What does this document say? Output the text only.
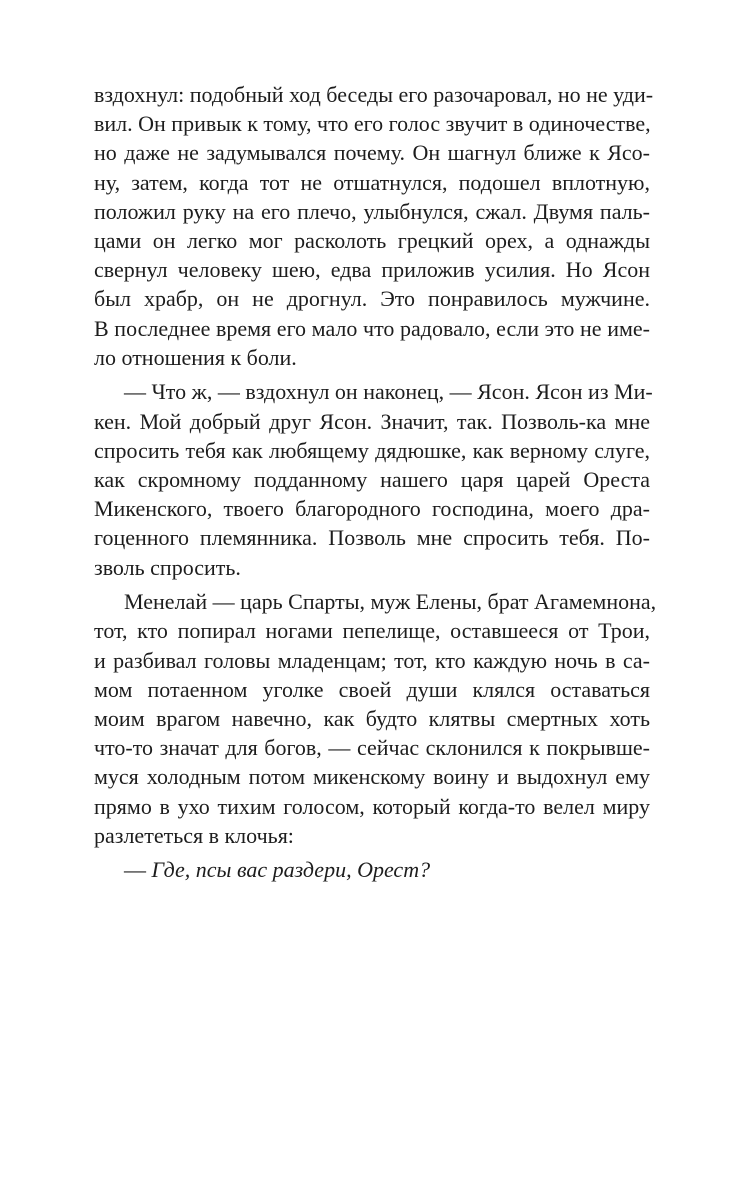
вздохнул: подобный ход беседы его разочаровал, но не уди-
вил. Он привык к тому, что его голос звучит в одиночестве,
но даже не задумывался почему. Он шагнул ближе к Ясо-
ну, затем, когда тот не отшатнулся, подошел вплотную,
положил руку на его плечо, улыбнулся, сжал. Двумя паль-
цами он легко мог расколоть грецкий орех, а однажды
свернул человеку шею, едва приложив усилия. Но Ясон
был храбр, он не дрогнул. Это понравилось мужчине.
В последнее время его мало что радовало, если это не име-
ло отношения к боли.
— Что ж, — вздохнул он наконец, — Ясон. Ясон из Ми-
кен. Мой добрый друг Ясон. Значит, так. Позволь-ка мне
спросить тебя как любящему дядюшке, как верному слуге,
как скромному подданному нашего царя царей Ореста
Микенского, твоего благородного господина, моего дра-
гоценного племянника. Позволь мне спросить тебя. По-
зволь спросить.
Менелай — царь Спарты, муж Елены, брат Агамемнона,
тот, кто попирал ногами пепелище, оставшееся от Трои,
и разбивал головы младенцам; тот, кто каждую ночь в са-
мом потаенном уголке своей души клялся оставаться
моим врагом навечно, как будто клятвы смертных хоть
что-то значат для богов, — сейчас склонился к покрывше-
муся холодным потом микенскому воину и выдохнул ему
прямо в ухо тихим голосом, который когда-то велел миру
разлететься в клочья:
— Где, псы вас раздери, Орест?
